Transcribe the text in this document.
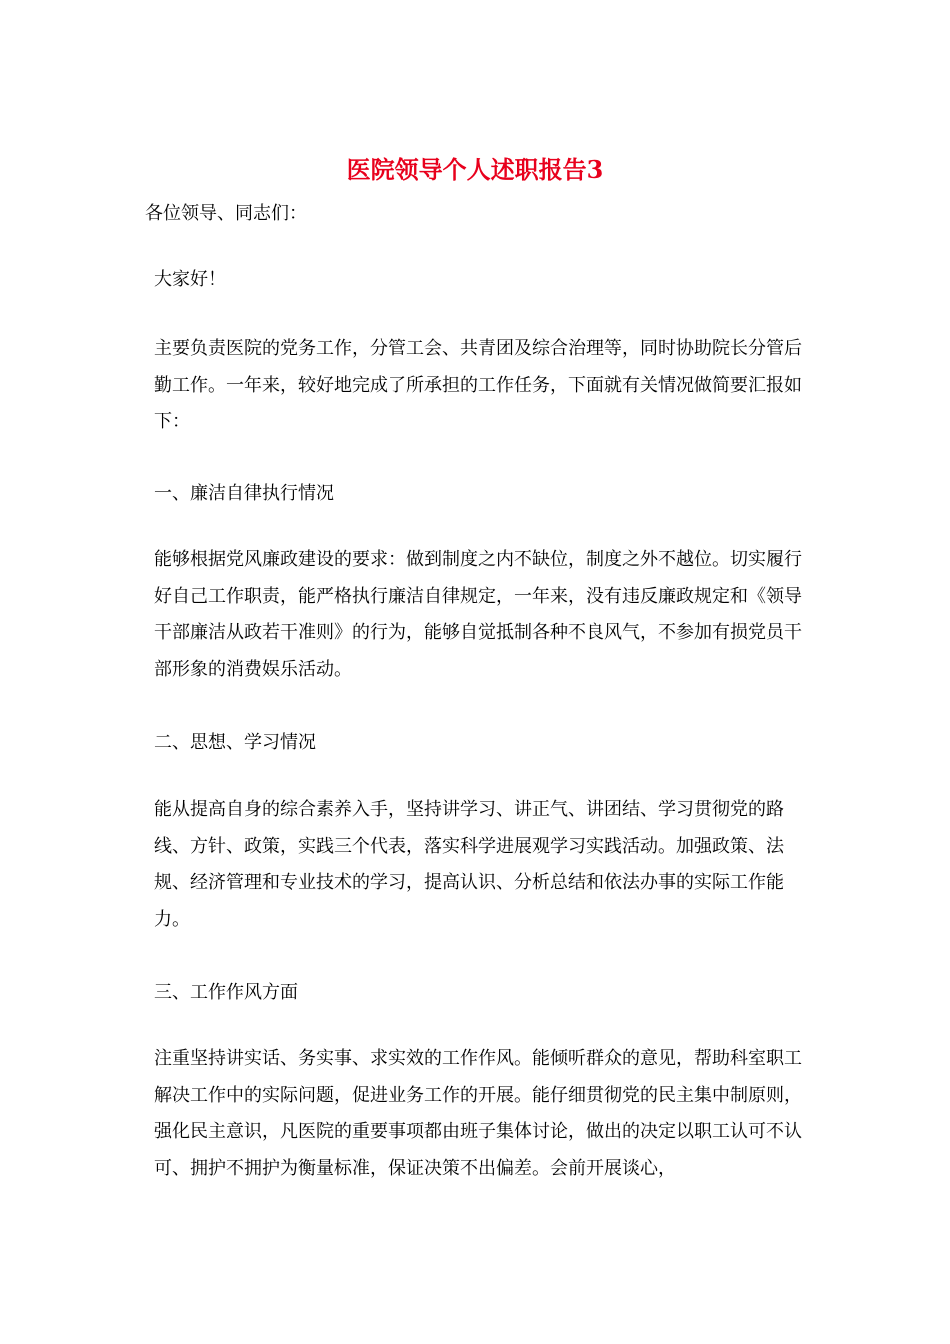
医院领导个人述职报告3

各位领导、同志们：

大家好！

主要负责医院的党务工作，分管工会、共青团及综合治理等，同时协助院长分管后勤工作。一年来，较好地完成了所承担的工作任务，下面就有关情况做简要汇报如下：

一、廉洁自律执行情况

能够根据党风廉政建设的要求：做到制度之内不缺位，制度之外不越位。切实履行好自己工作职责，能严格执行廉洁自律规定，一年来，没有违反廉政规定和《领导干部廉洁从政若干准则》的行为，能够自觉抵制各种不良风气，不参加有损党员干部形象的消费娱乐活动。

二、思想、学习情况

能从提高自身的综合素养入手，坚持讲学习、讲正气、讲团结、学习贯彻党的路线、方针、政策，实践三个代表，落实科学进展观学习实践活动。加强政策、法规、经济管理和专业技术的学习，提高认识、分析总结和依法办事的实际工作能力。

三、工作作风方面

注重坚持讲实话、务实事、求实效的工作作风。能倾听群众的意见，帮助科室职工解决工作中的实际问题，促进业务工作的开展。能仔细贯彻党的民主集中制原则，强化民主意识，凡医院的重要事项都由班子集体讨论，做出的决定以职工认可不认可、拥护不拥护为衡量标准，保证决策不出偏差。会前开展谈心，
